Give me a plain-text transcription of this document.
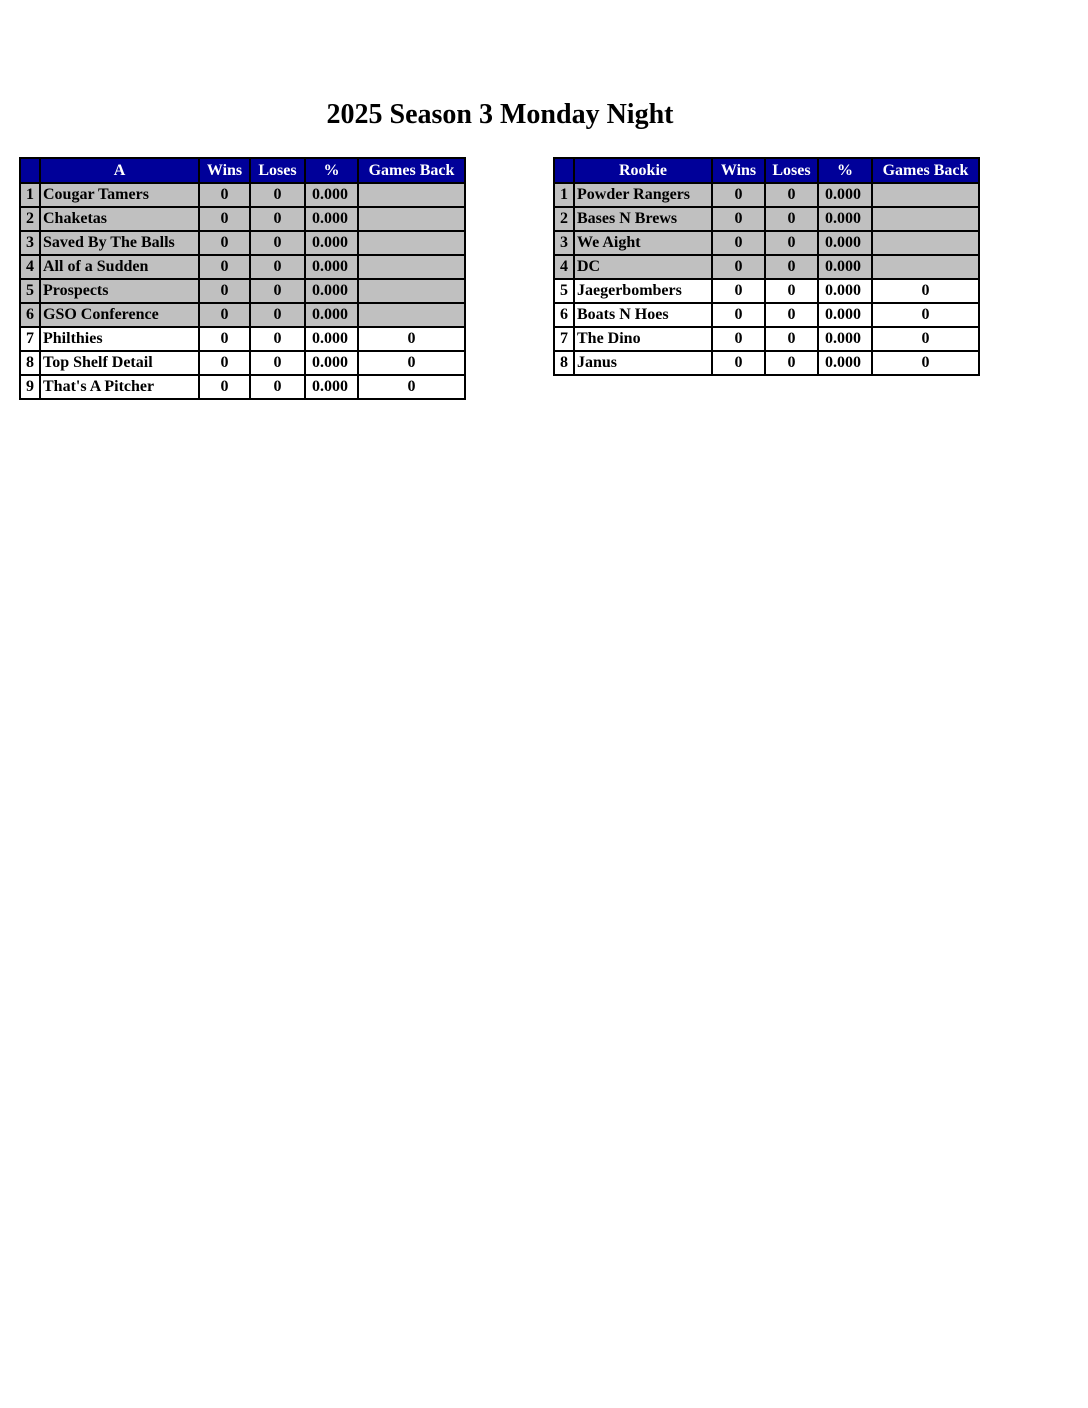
2025 Season 3 Monday Night
	A	Wins	Loses	%	Games Back
1	Cougar Tamers	0	0	0.000	
2	Chaketas	0	0	0.000	
3	Saved By The Balls	0	0	0.000	
4	All of a Sudden	0	0	0.000	
5	Prospects	0	0	0.000	
6	GSO Conference	0	0	0.000	
7	Philthies	0	0	0.000	0
8	Top Shelf Detail	0	0	0.000	0
9	That's A Pitcher	0	0	0.000	0
	Rookie	Wins	Loses	%	Games Back
1	Powder Rangers	0	0	0.000	
2	Bases N Brews	0	0	0.000	
3	We Aight	0	0	0.000	
4	DC	0	0	0.000	
5	Jaegerbombers	0	0	0.000	0
6	Boats N Hoes	0	0	0.000	0
7	The Dino	0	0	0.000	0
8	Janus	0	0	0.000	0
